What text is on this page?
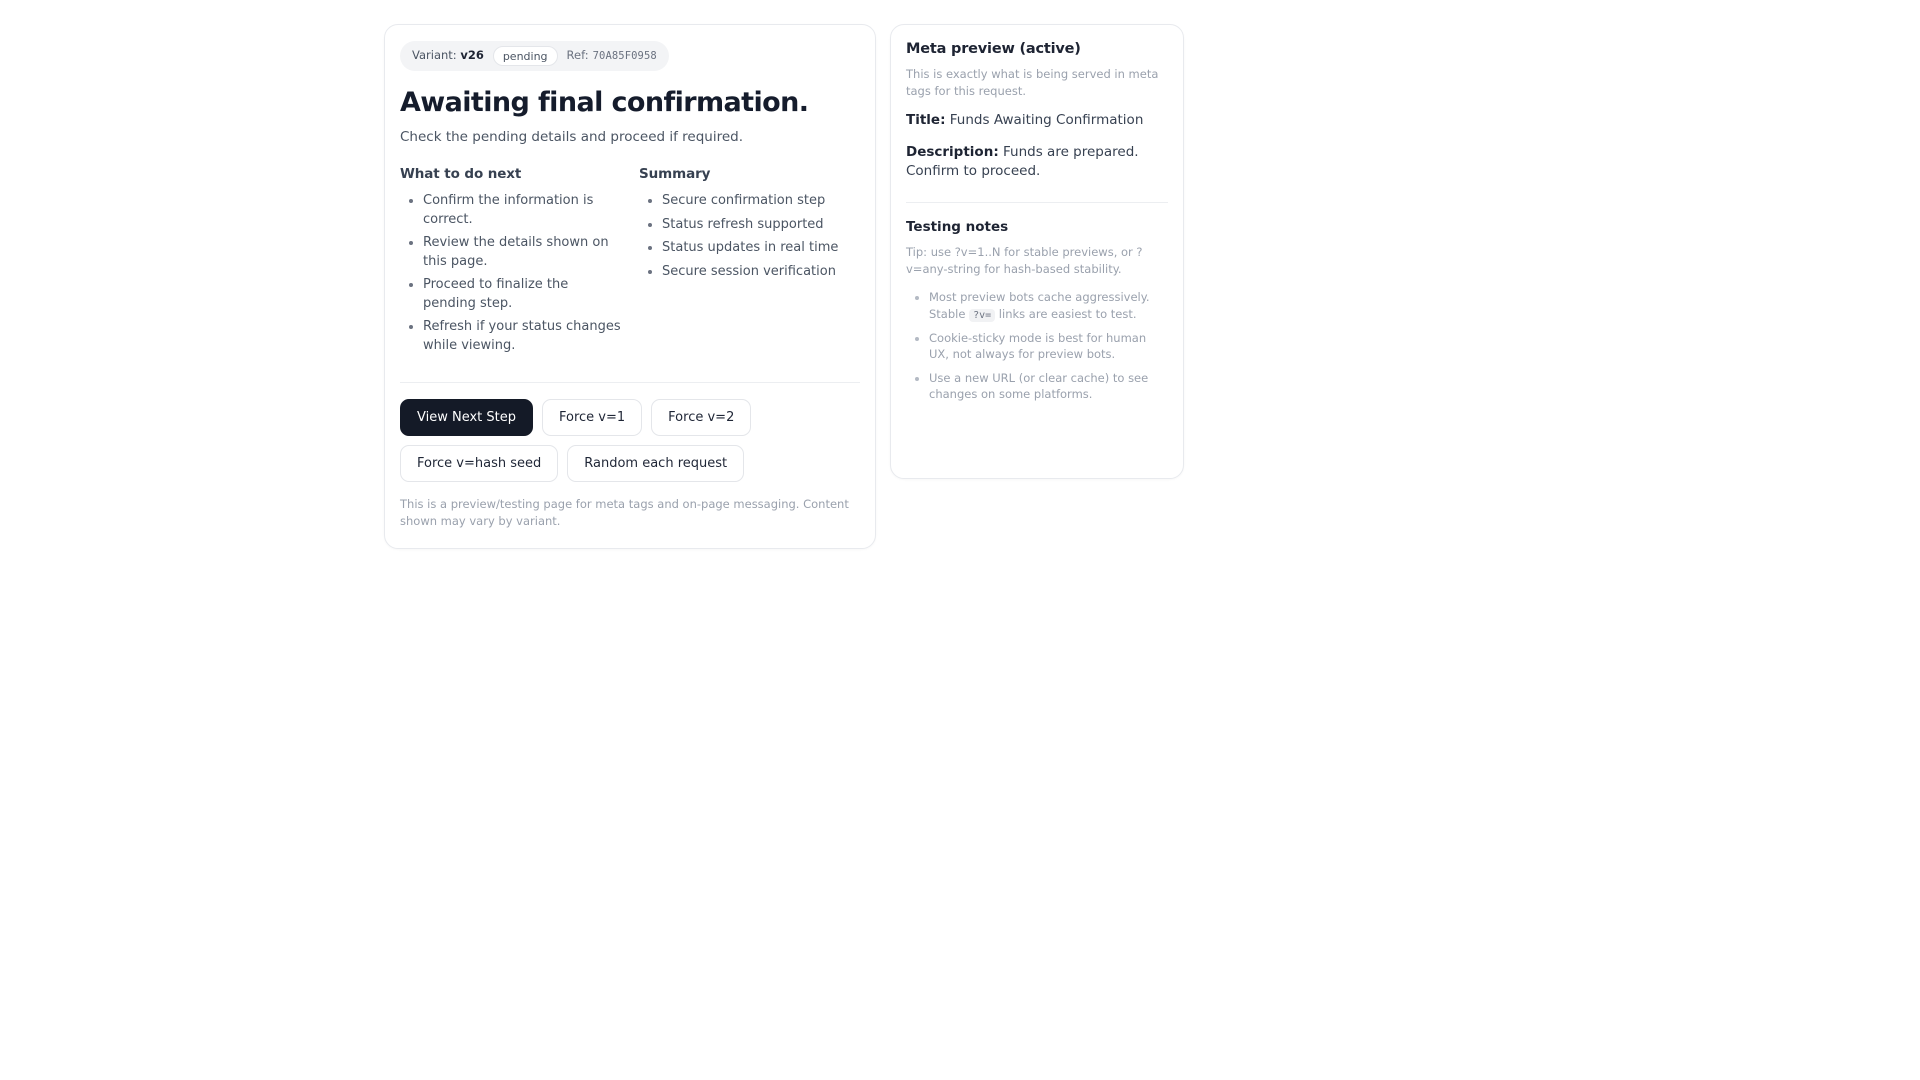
Variant: v26	pending	Ref: 70A85F0958
Awaiting final confirmation.

Check the pending details and proceed if required.

What to do next
• Confirm the information is correct.
• Review the details shown on this page.
• Proceed to finalize the pending step.
• Refresh if your status changes while viewing.
Summary
• Secure confirmation step
• Status refresh supported
• Status updates in real time
• Secure session verification
View Next Step	Force v=1	Force v=2
Force v=hash seed	Random each request

This is a preview/testing page for meta tags and on-page messaging. Content shown may vary by variant.

Meta preview (active)

This is exactly what is being served in meta tags for this request.

Title: Funds Awaiting Confirmation

Description: Funds are prepared. Confirm to proceed.

Testing notes

Tip: use ?v=1..N for stable previews, or ?v=any-string for hash-based stability.

• Most preview bots cache aggressively. Stable ?v= links are easiest to test.
• Cookie-sticky mode is best for human UX, not always for preview bots.
• Use a new URL (or clear cache) to see changes on some platforms.
